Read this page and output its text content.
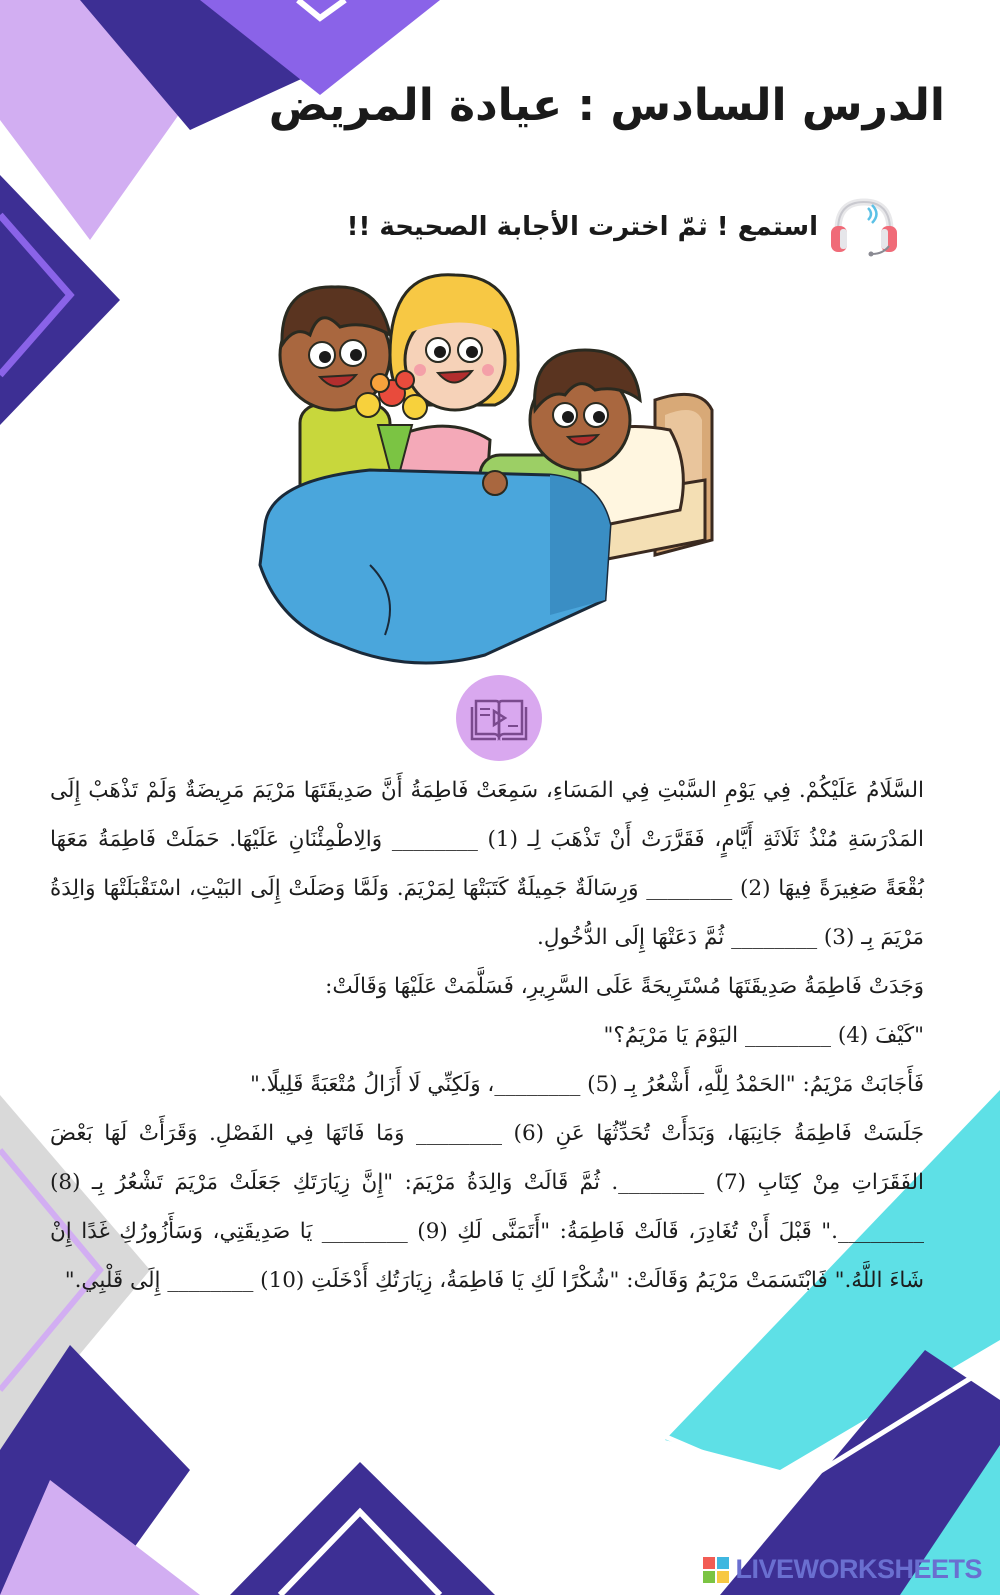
الدرس السادس : عيادة المريض
استمع ! ثمّ اخترت الأجابة الصحيحة !!

السَّلَامُ عَلَيْكُمْ. فِي يَوْمِ السَّبْتِ فِي المَسَاءِ، سَمِعَتْ فَاطِمَةُ أَنَّ صَدِيقَتَهَا مَرْيَمَ مَرِيضَةٌ وَلَمْ تَذْهَبْ إِلَى المَدْرَسَةِ مُنْذُ ثَلَاثَةِ أَيَّامٍ، فَقَرَّرَتْ أَنْ تَذْهَبَ لِـ (1) ________ وَالِاطْمِئْنَانِ عَلَيْهَا. حَمَلَتْ فَاطِمَةُ مَعَهَا بُقْعَةً صَغِيرَةً فِيهَا (2) ________ وَرِسَالَةٌ جَمِيلَةٌ كَتَبَتْهَا لِمَرْيَمَ. وَلَمَّا وَصَلَتْ إِلَى البَيْتِ، اسْتَقْبَلَتْهَا وَالِدَةُ مَرْيَمَ بِـ (3) ________ ثُمَّ دَعَتْهَا إِلَى الدُّخُولِ.

وَجَدَتْ فَاطِمَةُ صَدِيقَتَهَا مُسْتَرِيحَةً عَلَى السَّرِيرِ، فَسَلَّمَتْ عَلَيْهَا وَقَالَتْ:

"كَيْفَ (4) ________ اليَوْمَ يَا مَرْيَمُ؟"

فَأَجَابَتْ مَرْيَمُ: "الحَمْدُ لِلَّهِ، أَشْعُرُ بِـ (5) ________، وَلَكِنِّي لَا أَزَالُ مُتْعَبَةً قَلِيلًا."

جَلَسَتْ فَاطِمَةُ جَانِبَهَا، وَبَدَأَتْ تُحَدِّثُهَا عَنِ (6) ________ وَمَا فَاتَهَا فِي الفَصْلِ. وَقَرَأَتْ لَهَا بَعْضَ الفَقَرَاتِ مِنْ كِتَابِ (7) ________. ثُمَّ قَالَتْ وَالِدَةُ مَرْيَمَ: "إِنَّ زِيَارَتَكِ جَعَلَتْ مَرْيَمَ تَشْعُرُ بِـ (8) ________." قَبْلَ أَنْ تُغَادِرَ، قَالَتْ فَاطِمَةُ: "أَتَمَنَّى لَكِ (9) ________ يَا صَدِيقَتِي، وَسَأَزُورُكِ غَدًا إِنْ شَاءَ اللَّهُ." فَابْتَسَمَتْ مَرْيَمُ وَقَالَتْ: "شُكْرًا لَكِ يَا فَاطِمَةُ، زِيَارَتُكِ أَدْخَلَتِ (10) ________ إِلَى قَلْبِي."

LIVEWORKSHEETS
